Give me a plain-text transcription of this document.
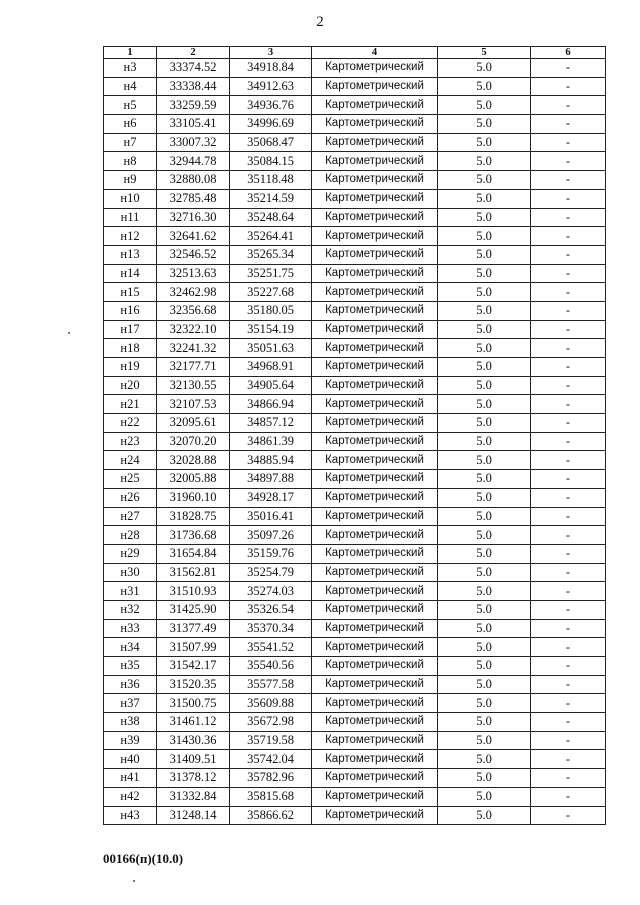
2
1	2	3	4	5	6
н3	33374.52	34918.84	Картометрический	5.0	-
н4	33338.44	34912.63	Картометрический	5.0	-
н5	33259.59	34936.76	Картометрический	5.0	-
н6	33105.41	34996.69	Картометрический	5.0	-
н7	33007.32	35068.47	Картометрический	5.0	-
н8	32944.78	35084.15	Картометрический	5.0	-
н9	32880.08	35118.48	Картометрический	5.0	-
н10	32785.48	35214.59	Картометрический	5.0	-
н11	32716.30	35248.64	Картометрический	5.0	-
н12	32641.62	35264.41	Картометрический	5.0	-
н13	32546.52	35265.34	Картометрический	5.0	-
н14	32513.63	35251.75	Картометрический	5.0	-
н15	32462.98	35227.68	Картометрический	5.0	-
н16	32356.68	35180.05	Картометрический	5.0	-
н17	32322.10	35154.19	Картометрический	5.0	-
н18	32241.32	35051.63	Картометрический	5.0	-
н19	32177.71	34968.91	Картометрический	5.0	-
н20	32130.55	34905.64	Картометрический	5.0	-
н21	32107.53	34866.94	Картометрический	5.0	-
н22	32095.61	34857.12	Картометрический	5.0	-
н23	32070.20	34861.39	Картометрический	5.0	-
н24	32028.88	34885.94	Картометрический	5.0	-
н25	32005.88	34897.88	Картометрический	5.0	-
н26	31960.10	34928.17	Картометрический	5.0	-
н27	31828.75	35016.41	Картометрический	5.0	-
н28	31736.68	35097.26	Картометрический	5.0	-
н29	31654.84	35159.76	Картометрический	5.0	-
н30	31562.81	35254.79	Картометрический	5.0	-
н31	31510.93	35274.03	Картометрический	5.0	-
н32	31425.90	35326.54	Картометрический	5.0	-
н33	31377.49	35370.34	Картометрический	5.0	-
н34	31507.99	35541.52	Картометрический	5.0	-
н35	31542.17	35540.56	Картометрический	5.0	-
н36	31520.35	35577.58	Картометрический	5.0	-
н37	31500.75	35609.88	Картометрический	5.0	-
н38	31461.12	35672.98	Картометрический	5.0	-
н39	31430.36	35719.58	Картометрический	5.0	-
н40	31409.51	35742.04	Картометрический	5.0	-
н41	31378.12	35782.96	Картометрический	5.0	-
н42	31332.84	35815.68	Картометрический	5.0	-
н43	31248.14	35866.62	Картометрический	5.0	-
00166(п)(10.0)
